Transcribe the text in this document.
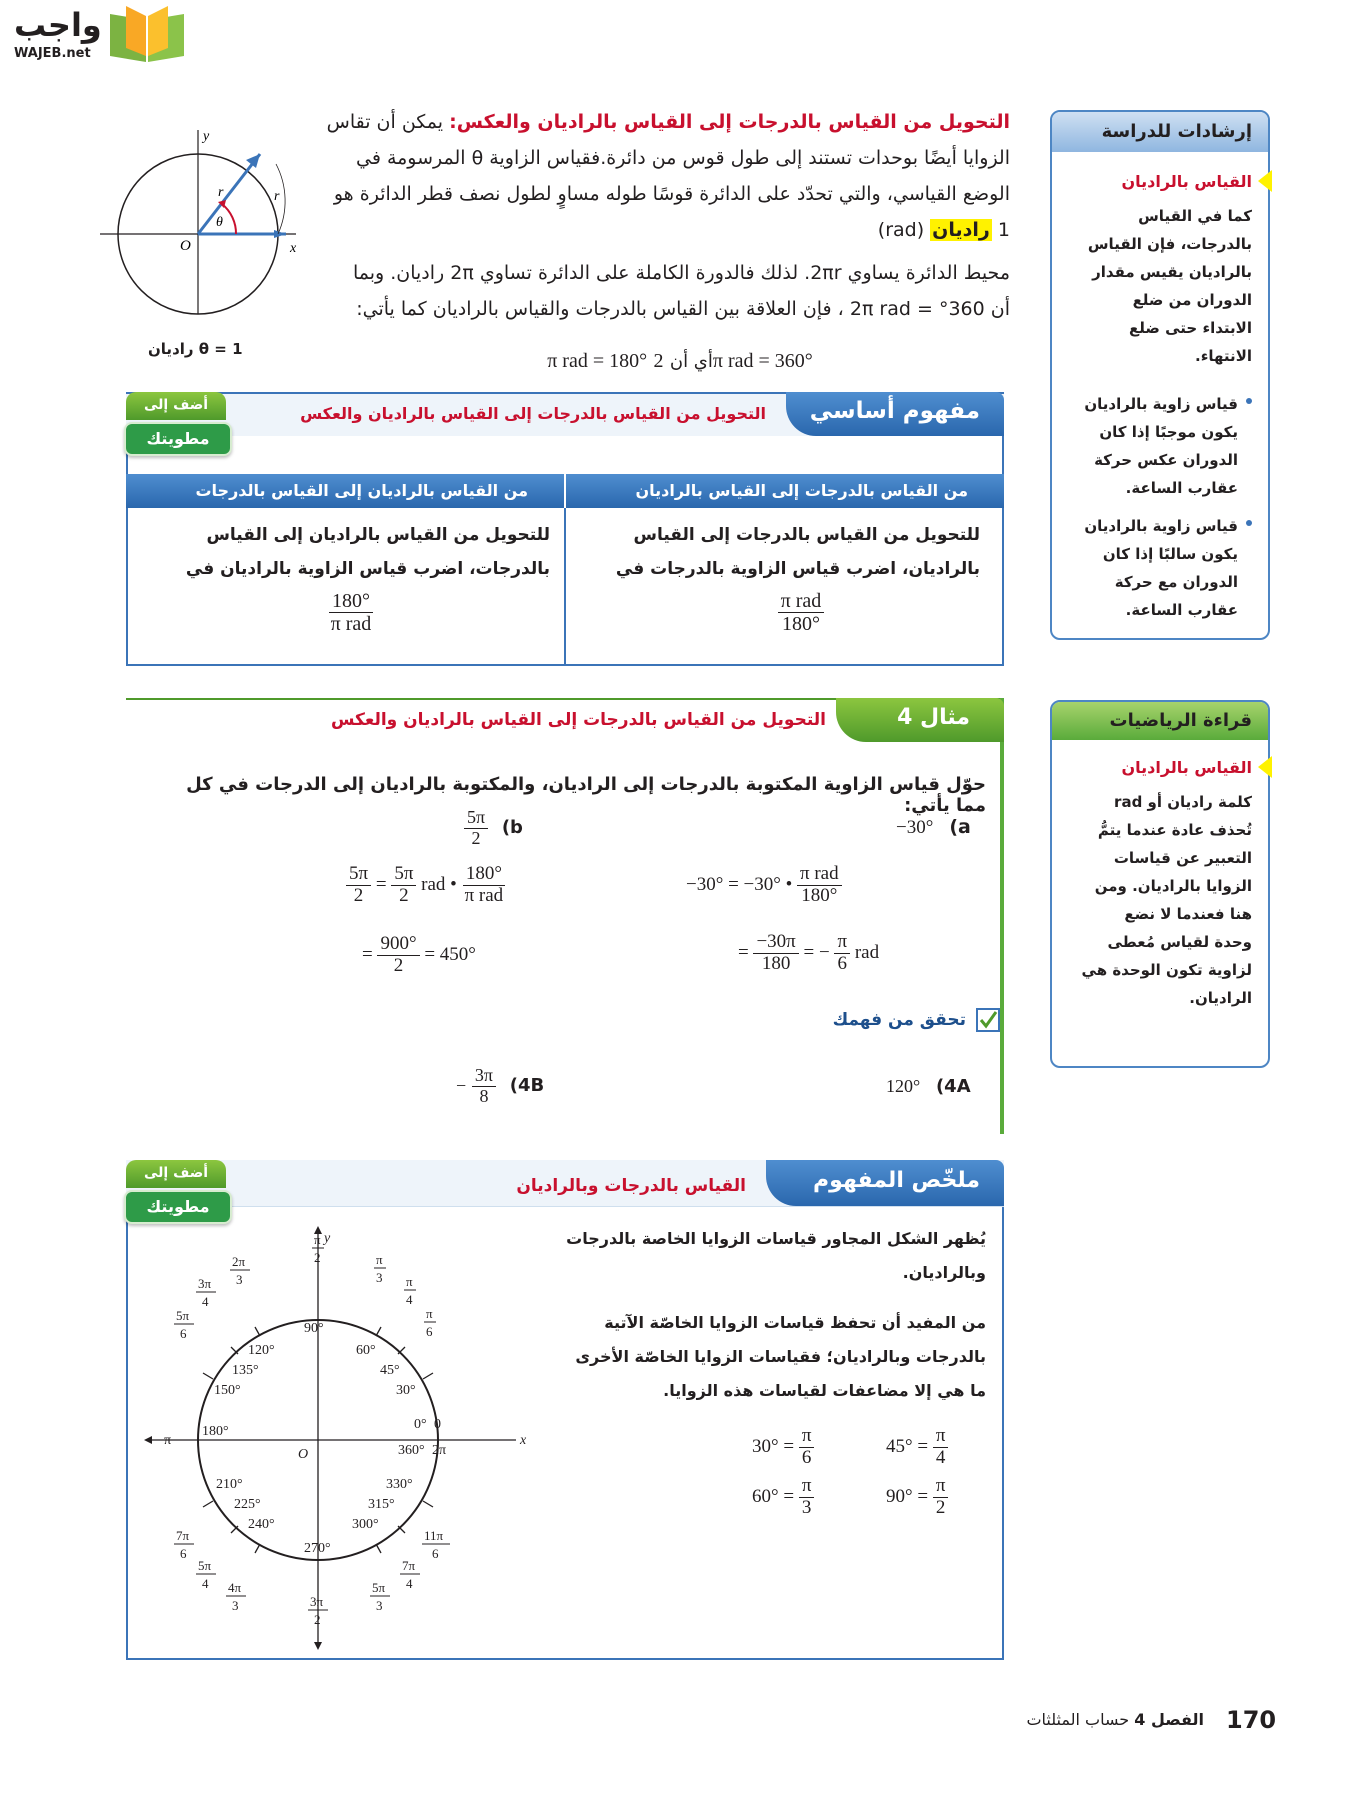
واجب
WAJEB.net
التحويل من القياس بالدرجات إلى القياس بالراديان والعكس: يمكن أن تقاس الزوايا أيضًا بوحدات تستند إلى طول قوس من دائرة.فقياس الزاوية θ المرسومة في الوضع القياسي، والتي تحدّد على الدائرة قوسًا طوله مساوٍ لطول نصف قطر الدائرة هو 1 راديان (rad)
محيط الدائرة يساوي 2πr. لذلك فالدورة الكاملة على الدائرة تساوي 2π راديان. وبما
أن 360° = 2π rad ، فإن العلاقة بين القياس بالدرجات والقياس بالراديان كما يأتي:
π rad = 180° أي أن 2π rad = 360°
y
x
O
r	r
θ
θ = 1 راديان
مفهوم أساسي
التحويل من القياس بالدرجات إلى القياس بالراديان والعكس
أضف إلى
مطويتك
من القياس بالدرجات إلى القياس بالراديان
من القياس بالراديان إلى القياس بالدرجات
للتحويل من القياس بالدرجات إلى القياس
بالراديان، اضرب قياس الزاوية بالدرجات في
$\frac{\text{π rad}}{180^\circ}$
للتحويل من القياس بالراديان إلى القياس
بالدرجات، اضرب قياس الزاوية بالراديان في
$\frac{180^\circ}{\text{π rad}}$
إرشادات للدراسة
القياس بالراديان
كما في القياس
بالدرجات، فإن القياس
بالراديان يقيس مقدار
الدوران من ضلع
الابتداء حتى ضلع
الانتهاء.
قياس زاوية بالراديان
يكون موجبًا إذا كان
الدوران عكس حركة
عقارب الساعة.
قياس زاوية بالراديان
يكون سالبًا إذا كان
الدوران مع حركة
عقارب الساعة.
مثال 4
التحويل من القياس بالدرجات إلى القياس بالراديان والعكس
حوّل قياس الزاوية المكتوبة بالدرجات إلى الراديان، والمكتوبة بالراديان إلى الدرجات في كل مما يأتي:
−30° (a
−30° = −30° • $\frac{\text{π rad}}{180^\circ}$
= $\frac{-30\pi}{180}$ = − $\frac{\pi}{6}$ rad
$\frac{5\pi}{2} (b$
$\frac{5\pi}{2} = \frac{5\pi}{2}$ rad • $\frac{180^\circ}{\text{π rad}}$
= $\frac{900^\circ}{2} = 450^\circ$
تحقق من فهمك
120° (4A
− $\frac{3\pi}{8} (4B$
قراءة الرياضيات
القياس بالراديان
كلمة راديان أو rad
تُحذف عادة عندما يتمُّ
التعبير عن قياسات
الزوايا بالراديان. ومن
هنا فعندما لا نضع
وحدة لقياس مُعطى
لزاوية تكون الوحدة هي
الراديان.
ملخّص المفهوم
القياس بالدرجات وبالراديان
أضف إلى
مطويتك
يُظهر الشكل المجاور قياسات الزوايا الخاصة بالدرجات
وبالراديان.
من المفيد أن تحفظ قياسات الزوايا الخاصّة الآتية
بالدرجات وبالراديان؛ فقياسات الزوايا الخاصّة الأخرى
ما هي إلا مضاعفات لقياسات هذه الزوايا.
$45^\circ = \frac{\pi}{4}$
$30^\circ = \frac{\pi}{6}$
$90^\circ = \frac{\pi}{2}$
$60^\circ = \frac{\pi}{3}$
y
x
O
90°
60°
45°
30°
0°
360°
120°
135°
150°
180°
210°
225°
240°
270°
300°
315°
330°
0
2π
π
π
2	π
3 π
4
π
6
2π
3
3π
4
5π
6
7π
6
5π
4 4π
3	3π
2
5π
3
7π
4
11π
6
170
الفصل 4 حساب المثلثات
